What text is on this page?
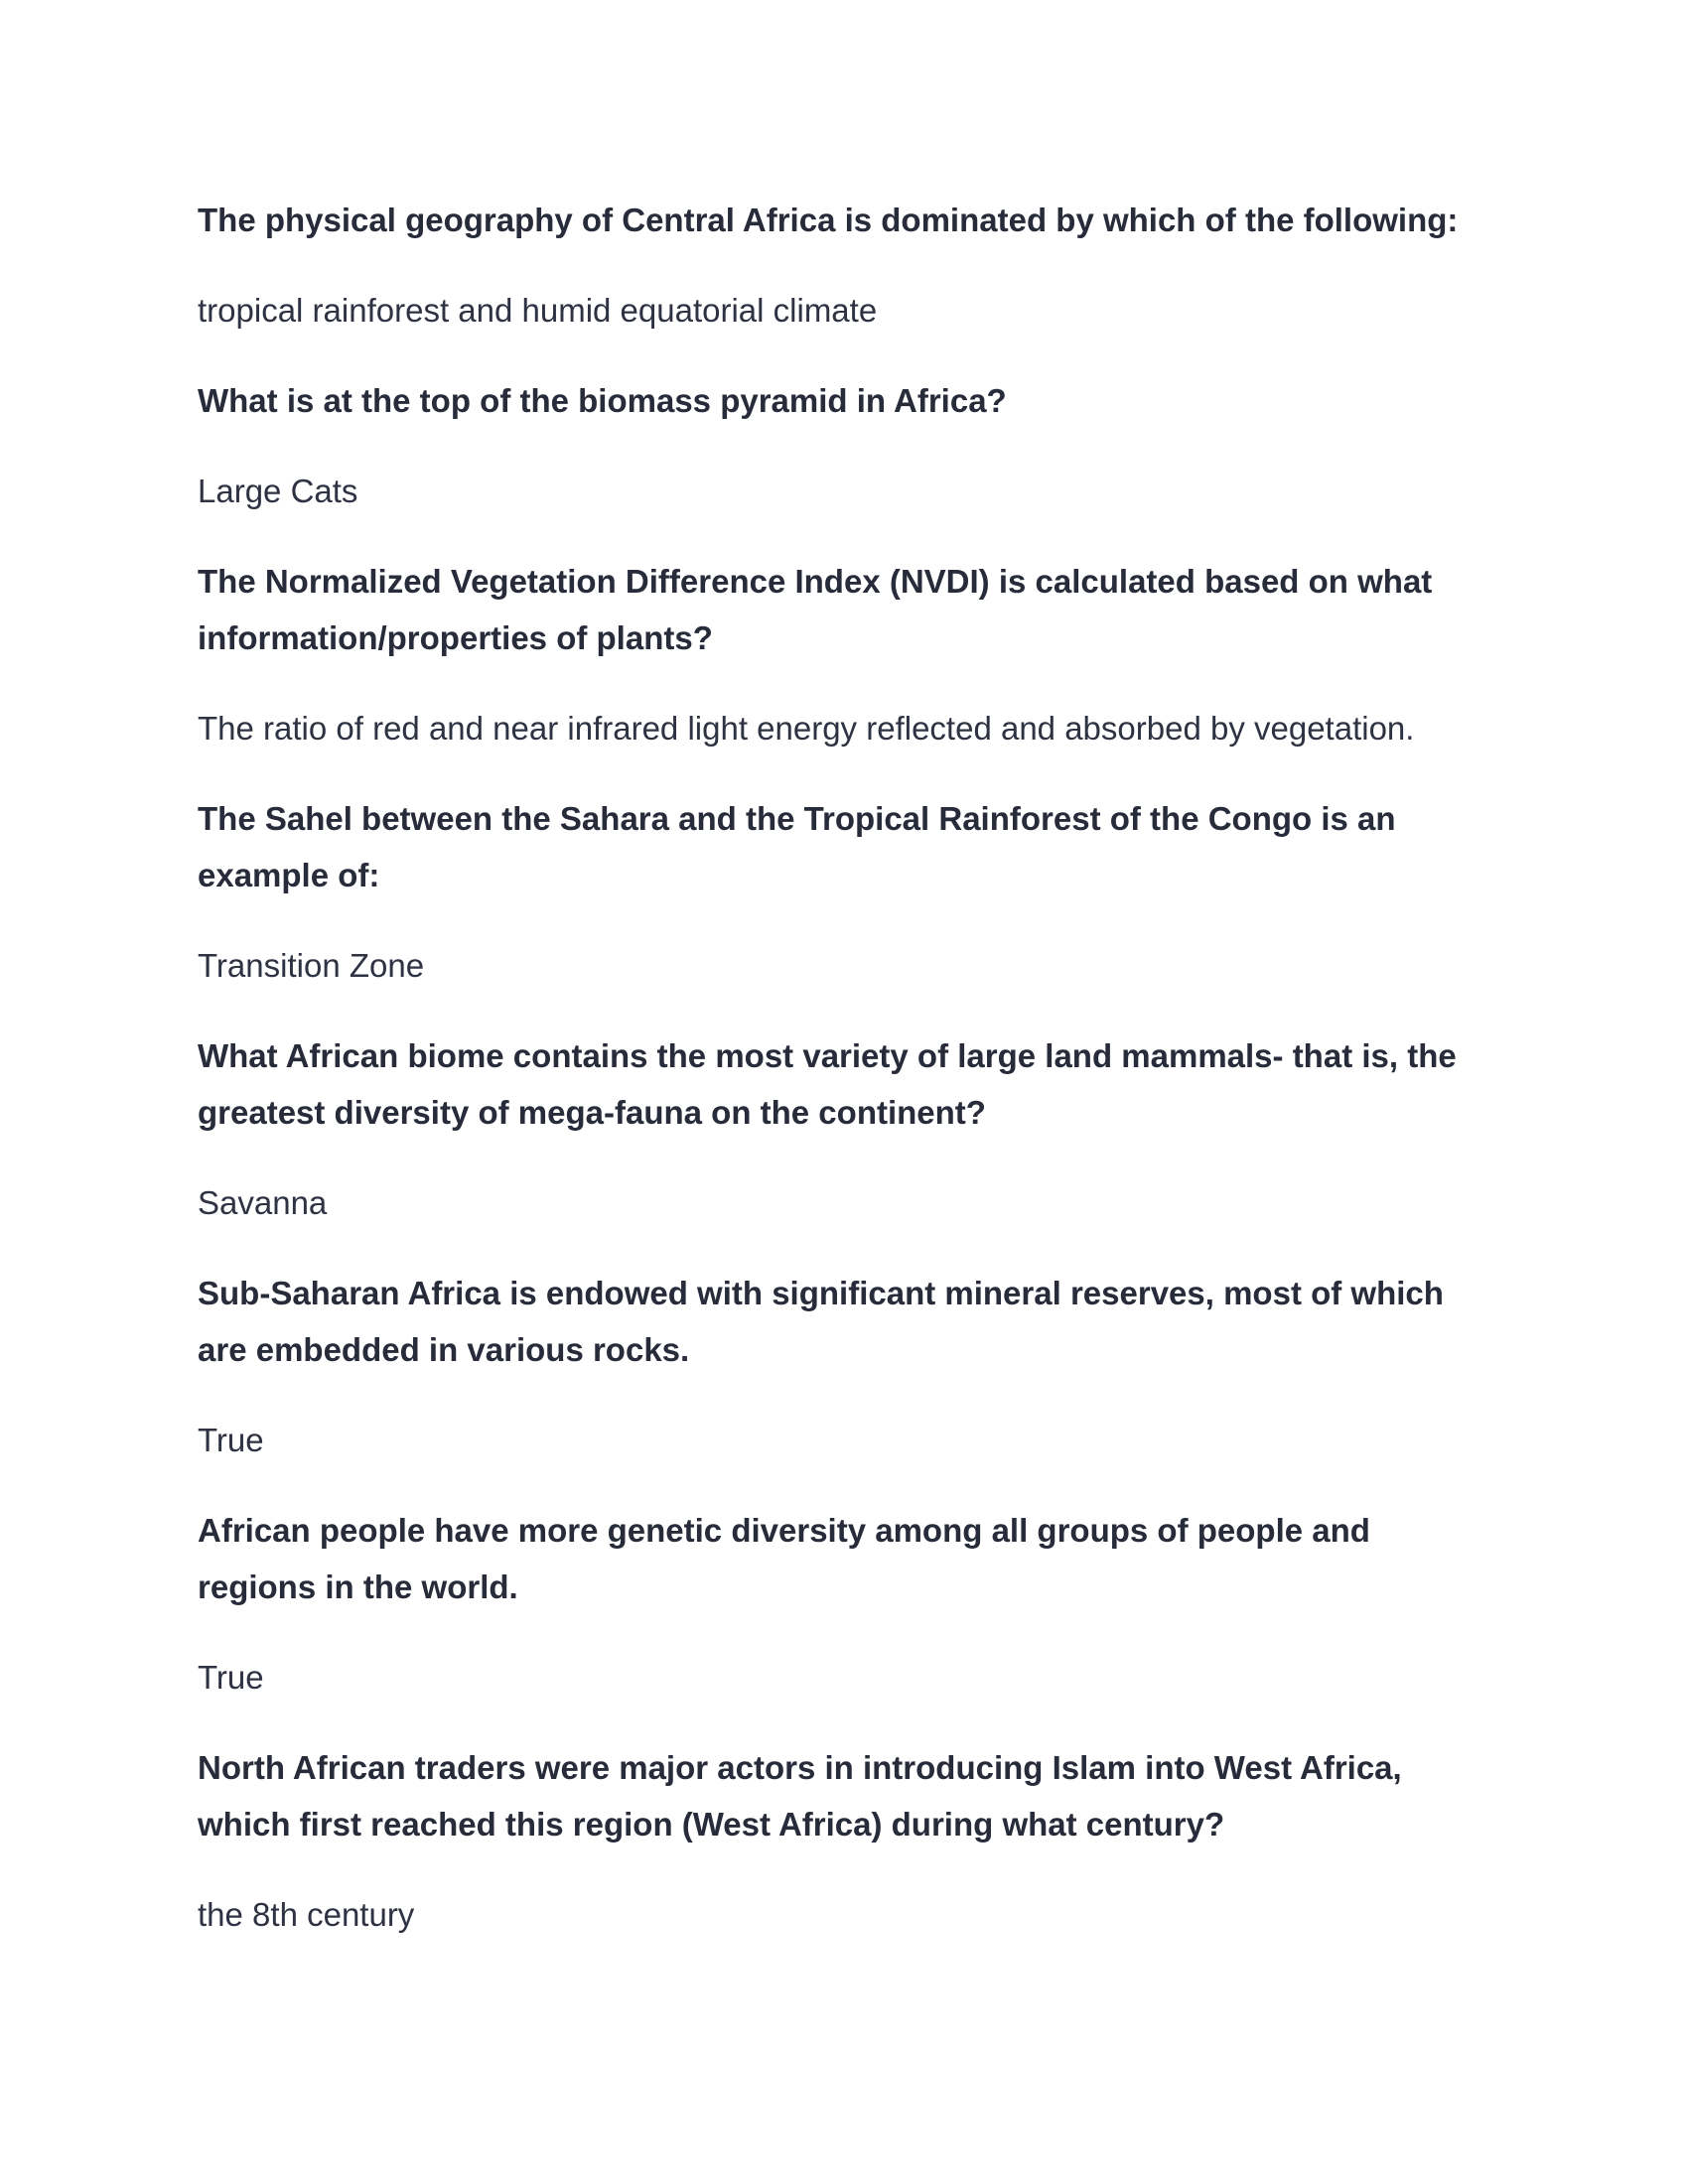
The physical geography of Central Africa is dominated by which of the following:

tropical rainforest and humid equatorial climate

What is at the top of the biomass pyramid in Africa?

Large Cats

The Normalized Vegetation Difference Index (NVDI) is calculated based on what information/properties of plants?

The ratio of red and near infrared light energy reflected and absorbed by vegetation.

The Sahel between the Sahara and the Tropical Rainforest of the Congo is an example of:

Transition Zone

What African biome contains the most variety of large land mammals- that is, the greatest diversity of mega-fauna on the continent?

Savanna

Sub-Saharan Africa is endowed with significant mineral reserves, most of which are embedded in various rocks.

True

African people have more genetic diversity among all groups of people and regions in the world.

True

North African traders were major actors in introducing Islam into West Africa, which first reached this region (West Africa) during what century?

the 8th century
